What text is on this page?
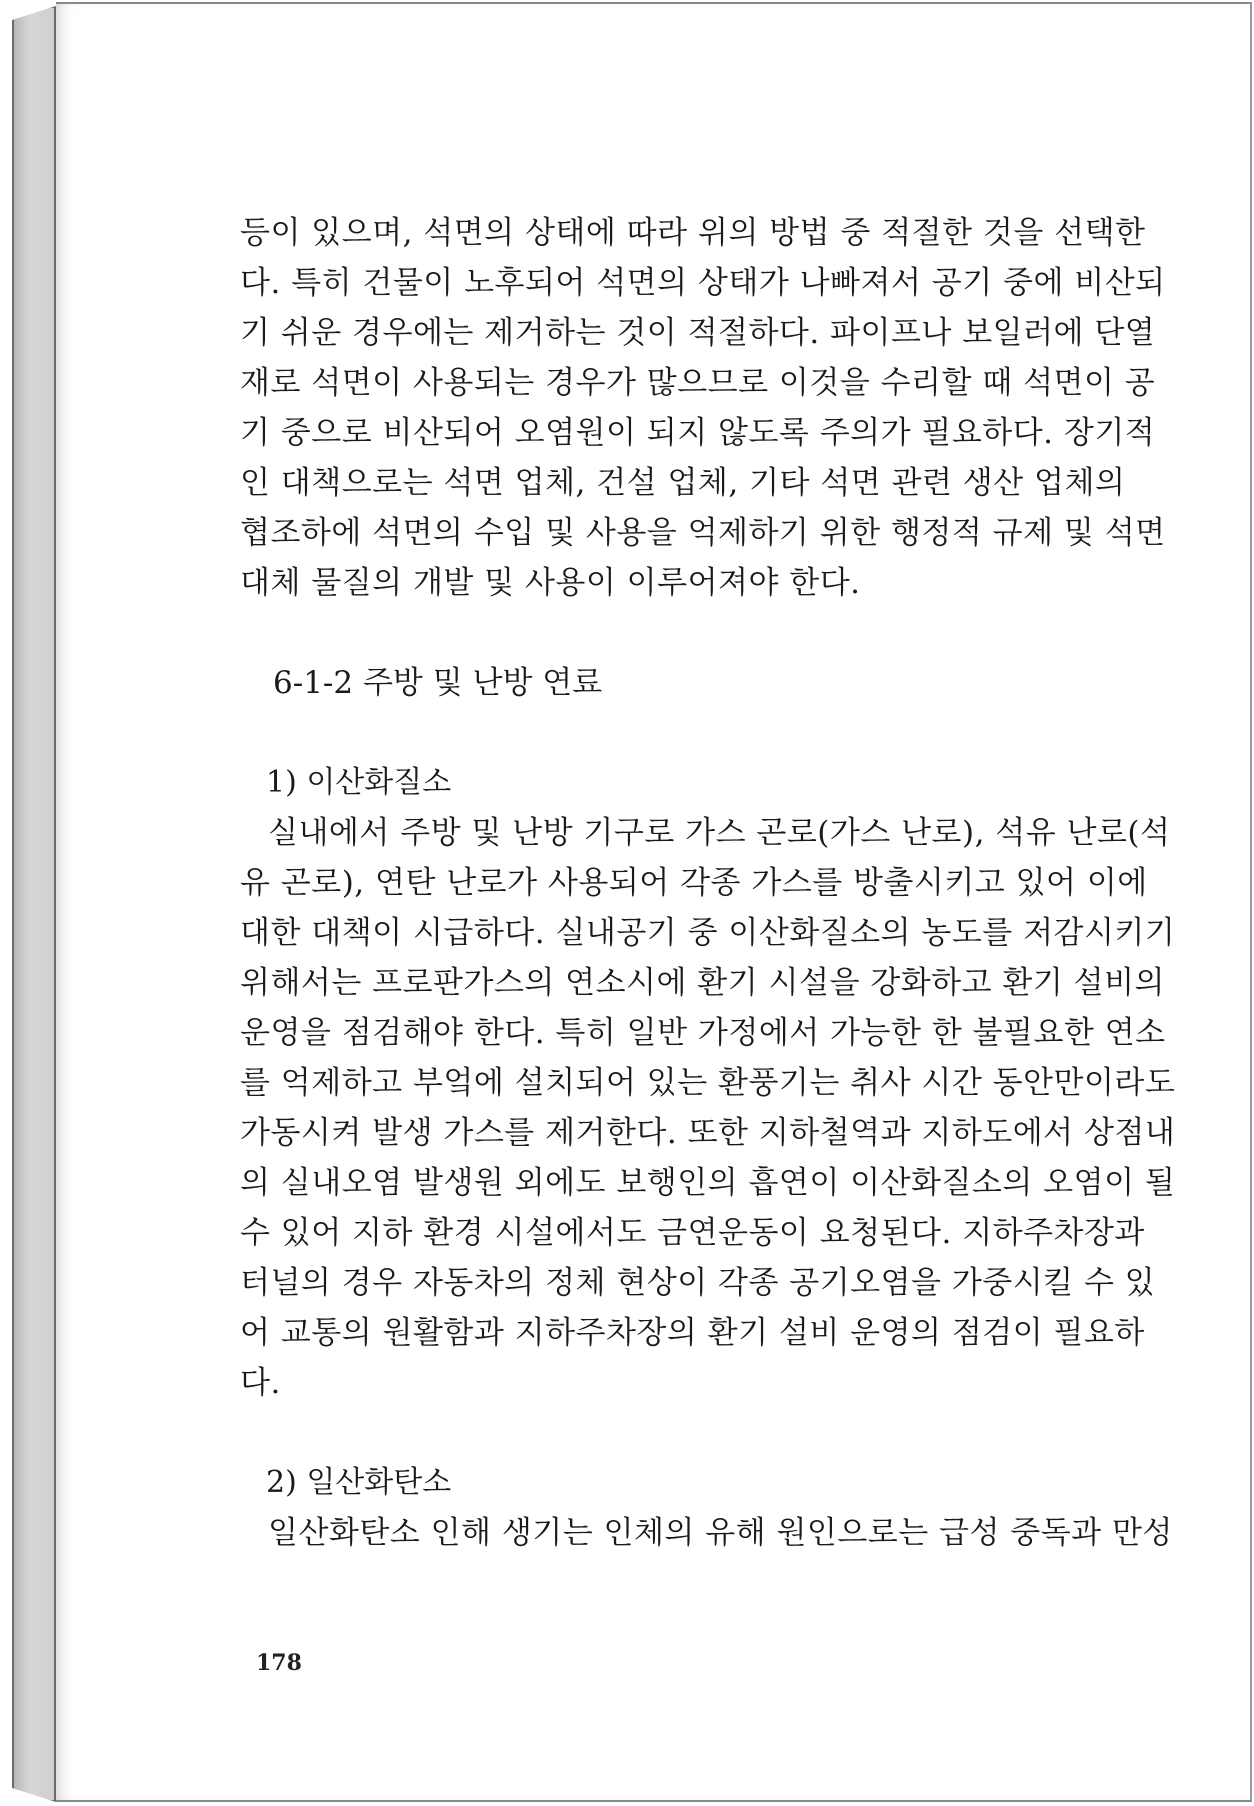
등이 있으며, 석면의 상태에 따라 위의 방법 중 적절한 것을 선택한
다. 특히 건물이 노후되어 석면의 상태가 나빠져서 공기 중에 비산되
기 쉬운 경우에는 제거하는 것이 적절하다. 파이프나 보일러에 단열
재로 석면이 사용되는 경우가 많으므로 이것을 수리할 때 석면이 공
기 중으로 비산되어 오염원이 되지 않도록 주의가 필요하다. 장기적
인 대책으로는 석면 업체, 건설 업체, 기타 석면 관련 생산 업체의
협조하에 석면의 수입 및 사용을 억제하기 위한 행정적 규제 및 석면
대체 물질의 개발 및 사용이 이루어져야 한다.
6-1-2 주방 및 난방 연료
1) 이산화질소
실내에서 주방 및 난방 기구로 가스 곤로(가스 난로), 석유 난로(석
유 곤로), 연탄 난로가 사용되어 각종 가스를 방출시키고 있어 이에
대한 대책이 시급하다. 실내공기 중 이산화질소의 농도를 저감시키기
위해서는 프로판가스의 연소시에 환기 시설을 강화하고 환기 설비의
운영을 점검해야 한다. 특히 일반 가정에서 가능한 한 불필요한 연소
를 억제하고 부엌에 설치되어 있는 환풍기는 취사 시간 동안만이라도
가동시켜 발생 가스를 제거한다. 또한 지하철역과 지하도에서 상점내
의 실내오염 발생원 외에도 보행인의 흡연이 이산화질소의 오염이 될
수 있어 지하 환경 시설에서도 금연운동이 요청된다. 지하주차장과
터널의 경우 자동차의 정체 현상이 각종 공기오염을 가중시킬 수 있
어 교통의 원활함과 지하주차장의 환기 설비 운영의 점검이 필요하
다.
2) 일산화탄소
일산화탄소 인해 생기는 인체의 유해 원인으로는 급성 중독과 만성
178
